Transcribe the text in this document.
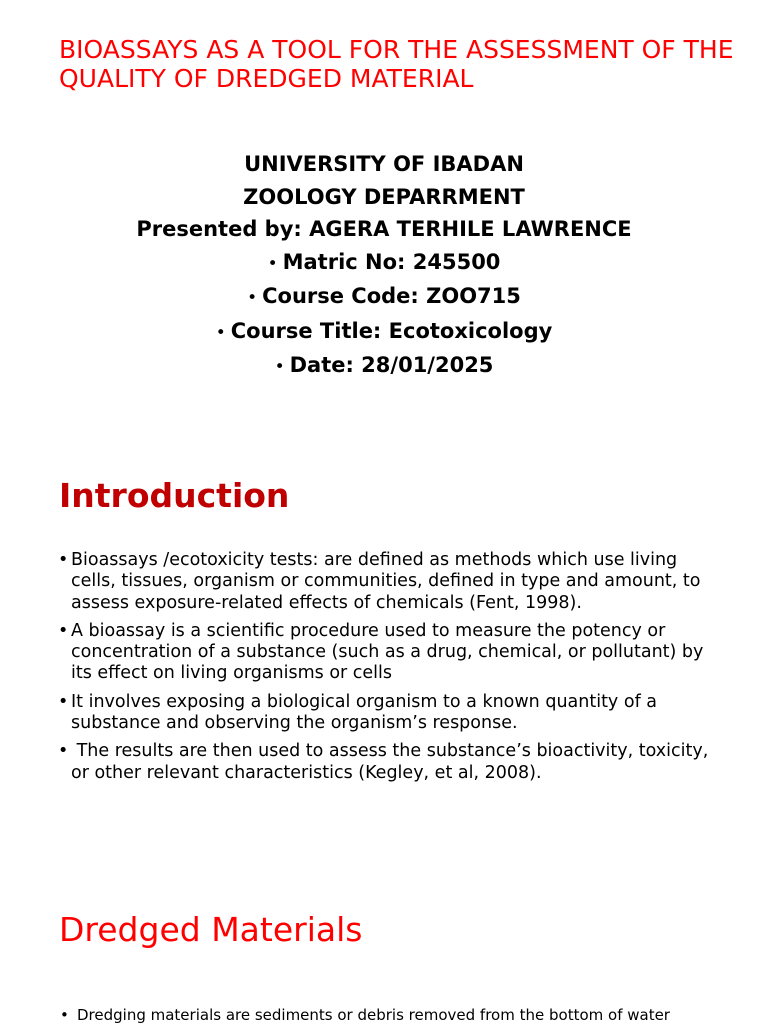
BIOASSAYS AS A TOOL FOR THE ASSESSMENT OF THE QUALITY OF DREDGED MATERIAL
UNIVERSITY OF IBADAN
ZOOLOGY DEPARRMENT
Presented by: AGERA TERHILE LAWRENCE
• Matric No: 245500
• Course Code: ZOO715
• Course Title: Ecotoxicology
• Date: 28/01/2025
Introduction
• Bioassays /ecotoxicity tests: are defined as methods which use living cells, tissues, organism or communities, defined in type and amount, to assess exposure-related effects of chemicals (Fent, 1998).
• A bioassay is a scientific procedure used to measure the potency or concentration of a substance (such as a drug, chemical, or pollutant) by its effect on living organisms or cells
• It involves exposing a biological organism to a known quantity of a substance and observing the organism’s response.
• The results are then used to assess the substance’s bioactivity, toxicity, or other relevant characteristics (Kegley, et al, 2008).
Dredged Materials
• Dredging materials are sediments or debris removed from the bottom of water
